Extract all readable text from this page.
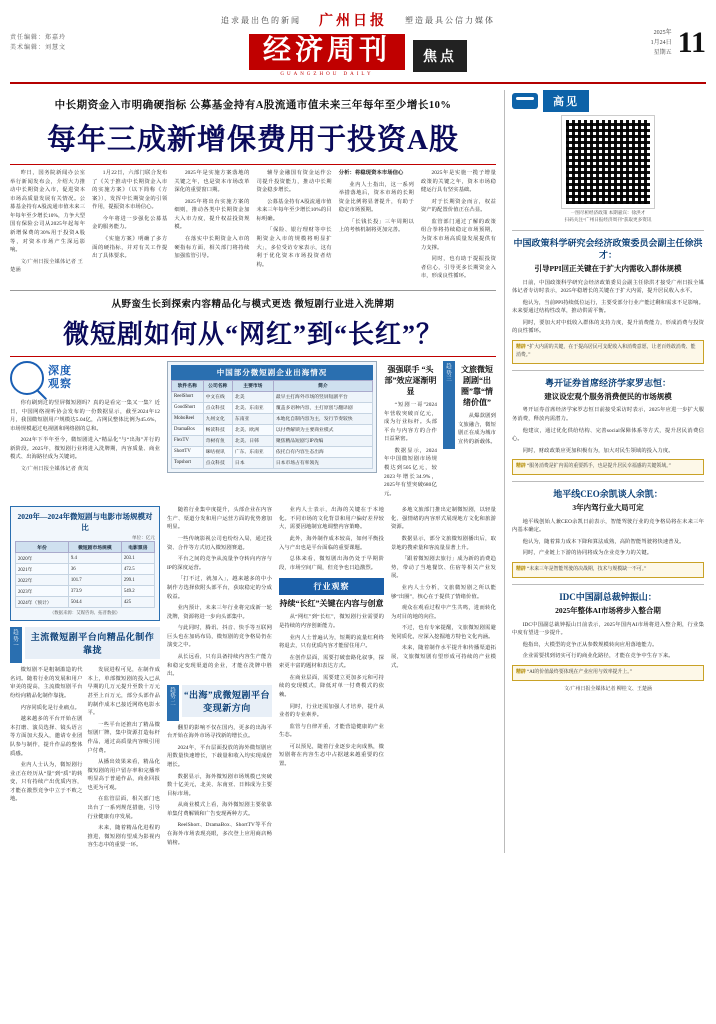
追求最出色的新闻 广州日报 塑造最具公信力媒体
责任编辑：郑嘉玲
美术编辑：刘慧文	经济周刊
GUANGZHOU DAILY
焦点
2025年
1月24日
星期五 11
中长期资金入市明确硬指标 公募基金持有A股流通市值未来三年每年至少增长10%
每年三成新增保费用于投资A股

昨日，国务院新闻办公室举行新闻发布会，介绍大力推动中长期资金入市，促进资本市场高质量发展有关情况。公募基金持有A股流通市值未来三年每年至少增长10%，力争大型国有保险公司从2025年起每年新增保费的30%用于投资A股等，对资本市场产生深远影响。

文/广州日报全媒体记者 王楚涵

1月22日，六部门联合发布了《关于推动中长期资金入市的实施方案》（以下简称《方案》），发挥中长期资金的引领作用，提振资本市场信心。

今年将进一步强化公募基金的服务能力。

《实施方案》明确了多方面的硬指标，并对有关工作提出了具体要求。

2025年是实施方案落地的关键之年，也是资本市场改革深化的重要窗口期。

2025年将出台实施方案的细则，推动各类中长期资金加大入市力度，提升权益投资规模。

在落实中长期资金入市的硬指标方面，相关部门将持续加强监管引导。

辅导金融国有资金运作公司提升投资能力，推动中长期资金稳步增长。

公募基金持有A股流通市值未来三年每年至少增长10%的目标明确。

「保险、银行理财等中长期资金入市的规模将明显扩大」，多位受访专家表示，这有利于优化资本市场投资者结构。

分析：将稳现资本市场信心

业内人士指出，这一系列举措落地后，资本市场的长期资金比例将显著提升，有助于稳定市场预期。

「长钱长投」三年周期以上的考核机制将更加完善。

2025年是实施一揽子增量政策的关键之年，资本市场稳健运行具有坚实基础。

对于长期资金而言，权益资产的配置价值正在凸显。

监管部门通过了解的政策组合拳将持续稳定市场预期，为资本市场高质量发展提供有力支撑。

同时，也有助于提振投资者信心，引导更多长期资金入市，形成良性循环。

从野蛮生长到探索内容精品化与模式更迭 微短剧行业进入洗牌期
微短剧如何从“网红”到“长红”？
深度
观察

你有刷到过的竖屏微短剧吗？真的是看完一集又一集？近日，中国网络视听协会发布的一份数据显示，截至2024年12月，我国微短剧用户规模达5.04亿，占网民整体比例为45.6%，市场规模超过电视剧和网络剧的总和。

2024年下半年至今，微短剧进入“精品化”与“出海”并行的新阶段。2025年，微短剧行业将进入洗牌期，内容质量、商业模式、出海路径成为关键词。

文/广州日报全媒体记者 黄岚

中国部分微短剧企业出海情况
软件名称	公司名称	主要市场	简介
ReelShort	中文在线	北美	最早主打海外市场的竖屏短剧平台
GoodShort	点众科技	北美、东南亚	覆盖多语种内容，主打原创与翻译剧
MoboReel	九州文化	东南亚	本地化自制内容为主，发行节奏较快
DramaBox	畅读科技	北美、欧洲	以付费解锁为主要商业模式
FlexTV	奇树有鱼	北美、日韩	聚焦精品短剧与IP改编
ShortTV	咪咕视讯	广东、东南亚	依托自有内容生态出海
Topshort	点众科技	日本	日本市场占有率领先
强强联手 “头部”效应逐渐明显

“短剧一哥”2024年营收突破百亿元，成为行业标杆。头部平台与内容方的合作日益紧密。

数据显示，2024年中国微短剧市场规模达到505亿元，较2023年增长34.9%，2025年有望突破680亿元。

趋势三
文旅微短剧剧“出圈”靠“情绪价值”

从爆款剧到文旅融合，微短剧正在成为城市宣传的新载体。

2020年—2024年微短剧与电影市场规模对比
单位：亿元
年份	微短剧市场规模	电影票房
2020年	9.4	203.1
2021年	36	472.5
2022年	101.7	299.1
2023年	373.9	549.2
2024年（预计）	504.4	425
（数据来源：艾媒咨询、拓普数据）
趋势一
主流微短剧平台向精品化制作靠拢

微短剧不是粗制滥造的代名词。随着行业的发展和用户审美的提高，主流微短剧平台纷纷向精品化制作靠拢。

内容同质化是行业痛点。

越来越多的平台开始在剧本打磨、演员选择、镜头语言等方面加大投入，邀请专业团队参与制作，提升作品的整体质感。

业内人士认为，微短剧行业正在经历从“量”到“质”的转变，只有持续产出优质内容，才能在激烈竞争中立于不败之地。

发展进程可见，在制作成本上，单部微短剧的投入已从早期的几万元提升至数十万元甚至上百万元，部分头部作品的制作成本已接近网络电影水平。

一些平台还推出了精品微短剧厂牌，集中资源打造标杆作品，通过高质量内容吸引用户付费。

从播出效果来看，精品化微短剧的用户留存率和完播率明显高于普通作品，商业回报也更为可观。

在监管层面，相关部门也出台了一系列规范措施，引导行业健康有序发展。

未来，随着精品化进程的推进，微短剧有望成为影视内容生态中的重要一环。

随着行业集中度提升，头部企业在内容生产、渠道分发和用户运营方面的优势愈加明显。

一些传统影视公司也纷纷入局，通过投资、合作等方式切入微短剧赛道。

平台之间的竞争从流量争夺转向内容与IP的深度运营。

「打不过，就加入」，越来越多的中小制作方选择依附头部平台，获取稳定的分成收益。

业内预计，未来三年行业将完成新一轮洗牌，资源将进一步向头部集中。

与此同时，腾讯、抖音、快手等互联网巨头也在加码布局，微短剧的竞争格局仍在演变之中。

从长远看，只有具备持续内容生产能力和稳定变现渠道的企业，才能在洗牌中胜出。

趋势二
“出海”成微短剧平台变现新方向

翻里的影响不仅在国内，更多的出海平台开始在海外市场寻找新的增长点。

2024年，平台层面投放的海外微短剧应用数量快速增长，下载量和收入均实现成倍增长。

数据显示，海外微短剧市场规模已突破数十亿美元，北美、东南亚、日韩成为主要目标市场。

从商业模式上看，海外微短剧主要依靠单集付费解锁和广告变现两种方式。

ReelShort、DramaBox、ShortTV等平台在海外市场表现亮眼，多次登上应用商店畅销榜。

业内人士表示，出海的关键在于本地化。不同市场的文化背景和用户偏好差异较大，需要因地制宜地调整内容策略。

此外，海外制作成本较高，如何平衡投入与产出也是平台面临的重要课题。

总体来看，微短剧出海仍处于早期阶段，市场空间广阔，但竞争也日趋激烈。

行业观察
持续“长红”关键在内容与创意

从“网红”到“长红”，微短剧行业需要的是持续的内容创新能力。

业内人士普遍认为，短期的流量红利终将退去，只有优质内容才能留住用户。

在创作层面，需要打破套路化叙事，探索更丰富的题材和表达方式。

在商业层面，需要建立更加多元和可持续的变现模式，降低对单一付费模式的依赖。

同时，行业还需加强人才培养，提升从业者的专业素养。

监管与自律并重，才能营造健康的产业生态。

可以预见，随着行业逐步走向成熟，微短剧将在内容生态中占据越来越重要的位置。

多地文旅部门推出定制微短剧，以轻量化、强情绪的内容形式展现地方文化和旅游资源。

数据显示，部分文旅微短剧播出后，取景地的搜索量和客流量显著上升。

「跟着微短剧去旅行」成为新的消费趋势，带动了当地餐饮、住宿等相关产业发展。

业内人士分析，文旅微短剧之所以能够“出圈”，核心在于提供了情绪价值。

观众在观看过程中产生共鸣，进而转化为对目的地的向往。

不过，也有专家提醒，文旅微短剧需避免同质化，应深入挖掘地方特色文化内涵。

未来，随着制作水平提升和传播渠道拓展，文旅微短剧有望形成可持续的产业模式。

高见
一图尽析经济政策 本期嘉宾：徐洪才
扫码关注“广州日报经济周刊”获取更多资讯
中国政策科学研究会经济政策委员会副主任徐洪才：
引导PPI回正关键在于扩大内需收入群体规模

日前，中国政策科学研究会经济政策委员会副主任徐洪才接受广州日报全媒体记者专访时表示，2025年稳增长的关键在于扩大内需，提升居民收入水平。

他认为，当前PPI持续低位运行，主要受部分行业产能过剩和需求不足影响。未来要通过结构性改革，推动供需平衡。

同时，要加大对中低收入群体的支持力度，提升消费能力，形成消费与投资的良性循环。

精辟 “扩大内需的关键，在于提高居民可支配收入和消费意愿，让老百姓敢消费、能消费。”
粤开证券首席经济学家罗志恒：
建议设宏观个服务消费便民的市场规模

粤开证券首席经济学家罗志恒日前接受采访时表示，2025年应进一步扩大服务消费，释放内需潜力。

他建议，通过优化供给结构、完善social保障体系等方式，提升居民消费信心。

同时，财政政策应更加积极有为，加大对民生领域的投入力度。

精辟 “服务消费是扩内需的重要抓手，也是提升居民幸福感的关键领域。”
地平线CEO余凯谈人余凯：
3年内驾行业大局可定

地平线创始人兼CEO余凯日前表示，智能驾驶行业的竞争格局将在未来三年内基本确定。

他认为，随着算力成本下降和算法成熟，高阶智能驾驶将快速普及。

同时，产业链上下游的协同将成为企业竞争力的关键。

精辟 “未来三年是智能驾驶的决战期，技术与规模缺一不可。”
IDC中国副总裁钟振山：
2025年整体AI市场将步入整合期

IDC中国副总裁钟振山日前表示，2025年国内AI市场将进入整合期，行业集中度有望进一步提升。

他指出，大模型的竞争正从参数规模转向应用落地能力。

企业需要找到切实可行的商业化路径，才能在竞争中生存下来。

精辟 “AI的价值最终要体现在产业应用与效率提升上。”
文/广州日报全媒体记者 柳桂文、王楚涵
